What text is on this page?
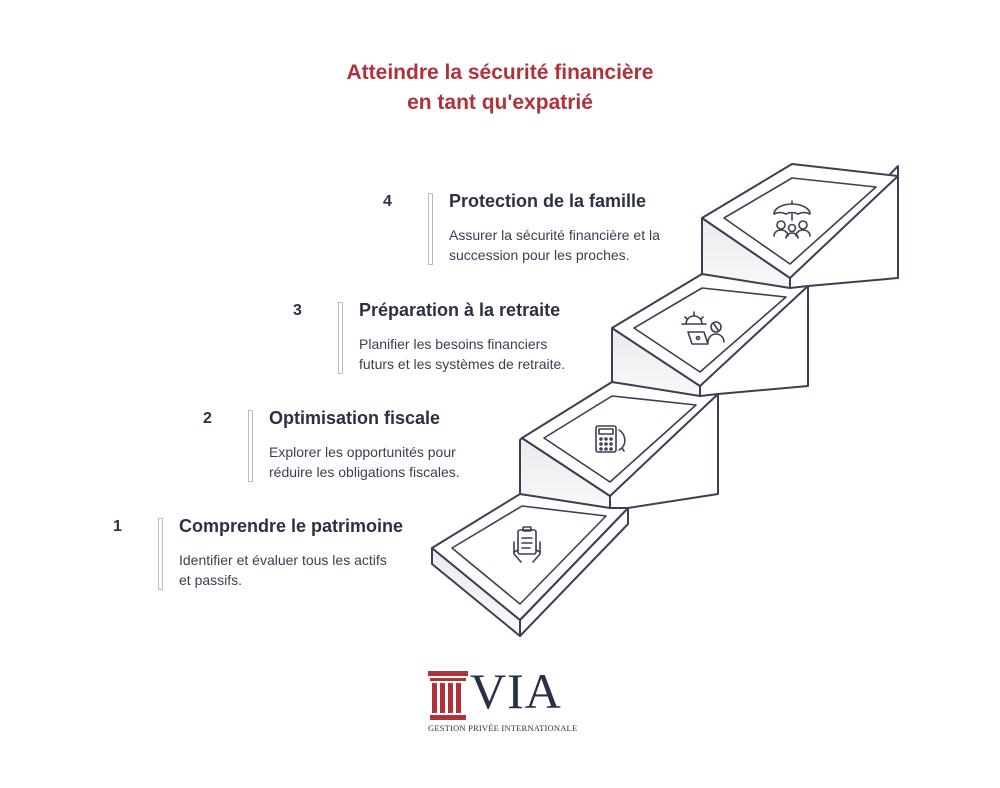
Atteindre la sécurité financière
en tant qu'expatrié
4	Protection de la famille
Assurer la sécurité financière et la
succession pour les proches.
3	Préparation à la retraite
Planifier les besoins financiers
futurs et les systèmes de retraite.
2	Optimisation fiscale
Explorer les opportunités pour
réduire les obligations fiscales.
1	Comprendre le patrimoine
Identifier et évaluer tous les actifs
et passifs.
VIA
GESTION PRIVÉE INTERNATIONALE
